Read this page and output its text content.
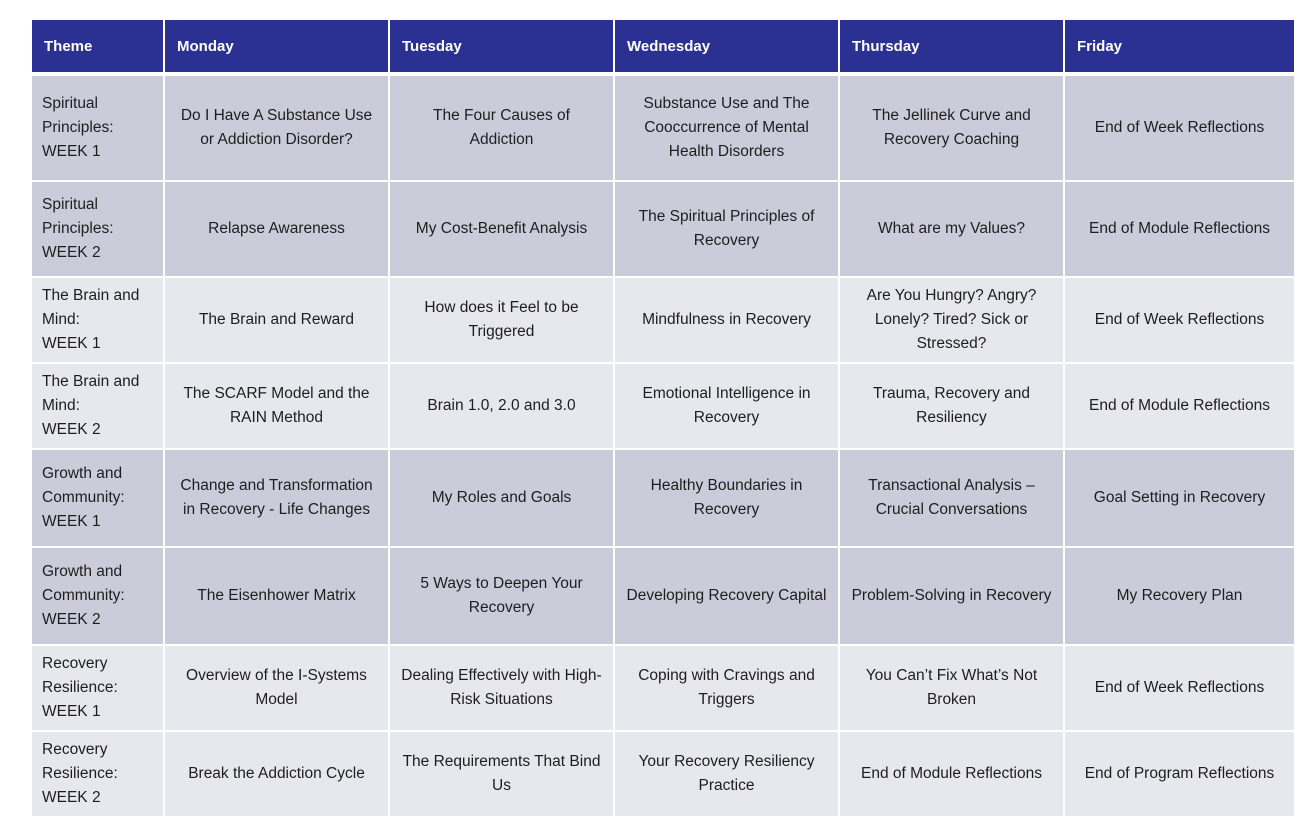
Theme	Monday	Tuesday	Wednesday	Thursday	Friday

Spiritual
Principles:
WEEK 1	Do I Have A Substance Use or Addiction Disorder?	The Four Causes of Addiction	Substance Use and The Cooccurrence of Mental Health Disorders	The Jellinek Curve and Recovery Coaching	End of Week Reflections

Spiritual
Principles:
WEEK 2	Relapse Awareness	My Cost-Benefit Analysis	The Spiritual Principles of Recovery	What are my Values?	End of Module Reflections

The Brain and
Mind:
WEEK 1	The Brain and Reward	How does it Feel to be Triggered	Mindfulness in Recovery	Are You Hungry? Angry? Lonely? Tired? Sick or Stressed?	End of Week Reflections

The Brain and
Mind:
WEEK 2	The SCARF Model and the RAIN Method	Brain 1.0, 2.0 and 3.0	Emotional Intelligence in Recovery	Trauma, Recovery and Resiliency	End of Module Reflections

Growth and
Community:
WEEK 1	Change and Transformation in Recovery - Life Changes	My Roles and Goals	Healthy Boundaries in Recovery	Transactional Analysis – Crucial Conversations	Goal Setting in Recovery

Growth and
Community:
WEEK 2	The Eisenhower Matrix	5 Ways to Deepen Your Recovery	Developing Recovery Capital	Problem-Solving in Recovery	My Recovery Plan

Recovery
Resilience:
WEEK 1	Overview of the I-Systems Model	Dealing Effectively with High-Risk Situations	Coping with Cravings and Triggers	You Can’t Fix What’s Not Broken	End of Week Reflections

Recovery
Resilience:
WEEK 2	Break the Addiction Cycle	The Requirements That Bind Us	Your Recovery Resiliency Practice	End of Module Reflections	End of Program Reflections
